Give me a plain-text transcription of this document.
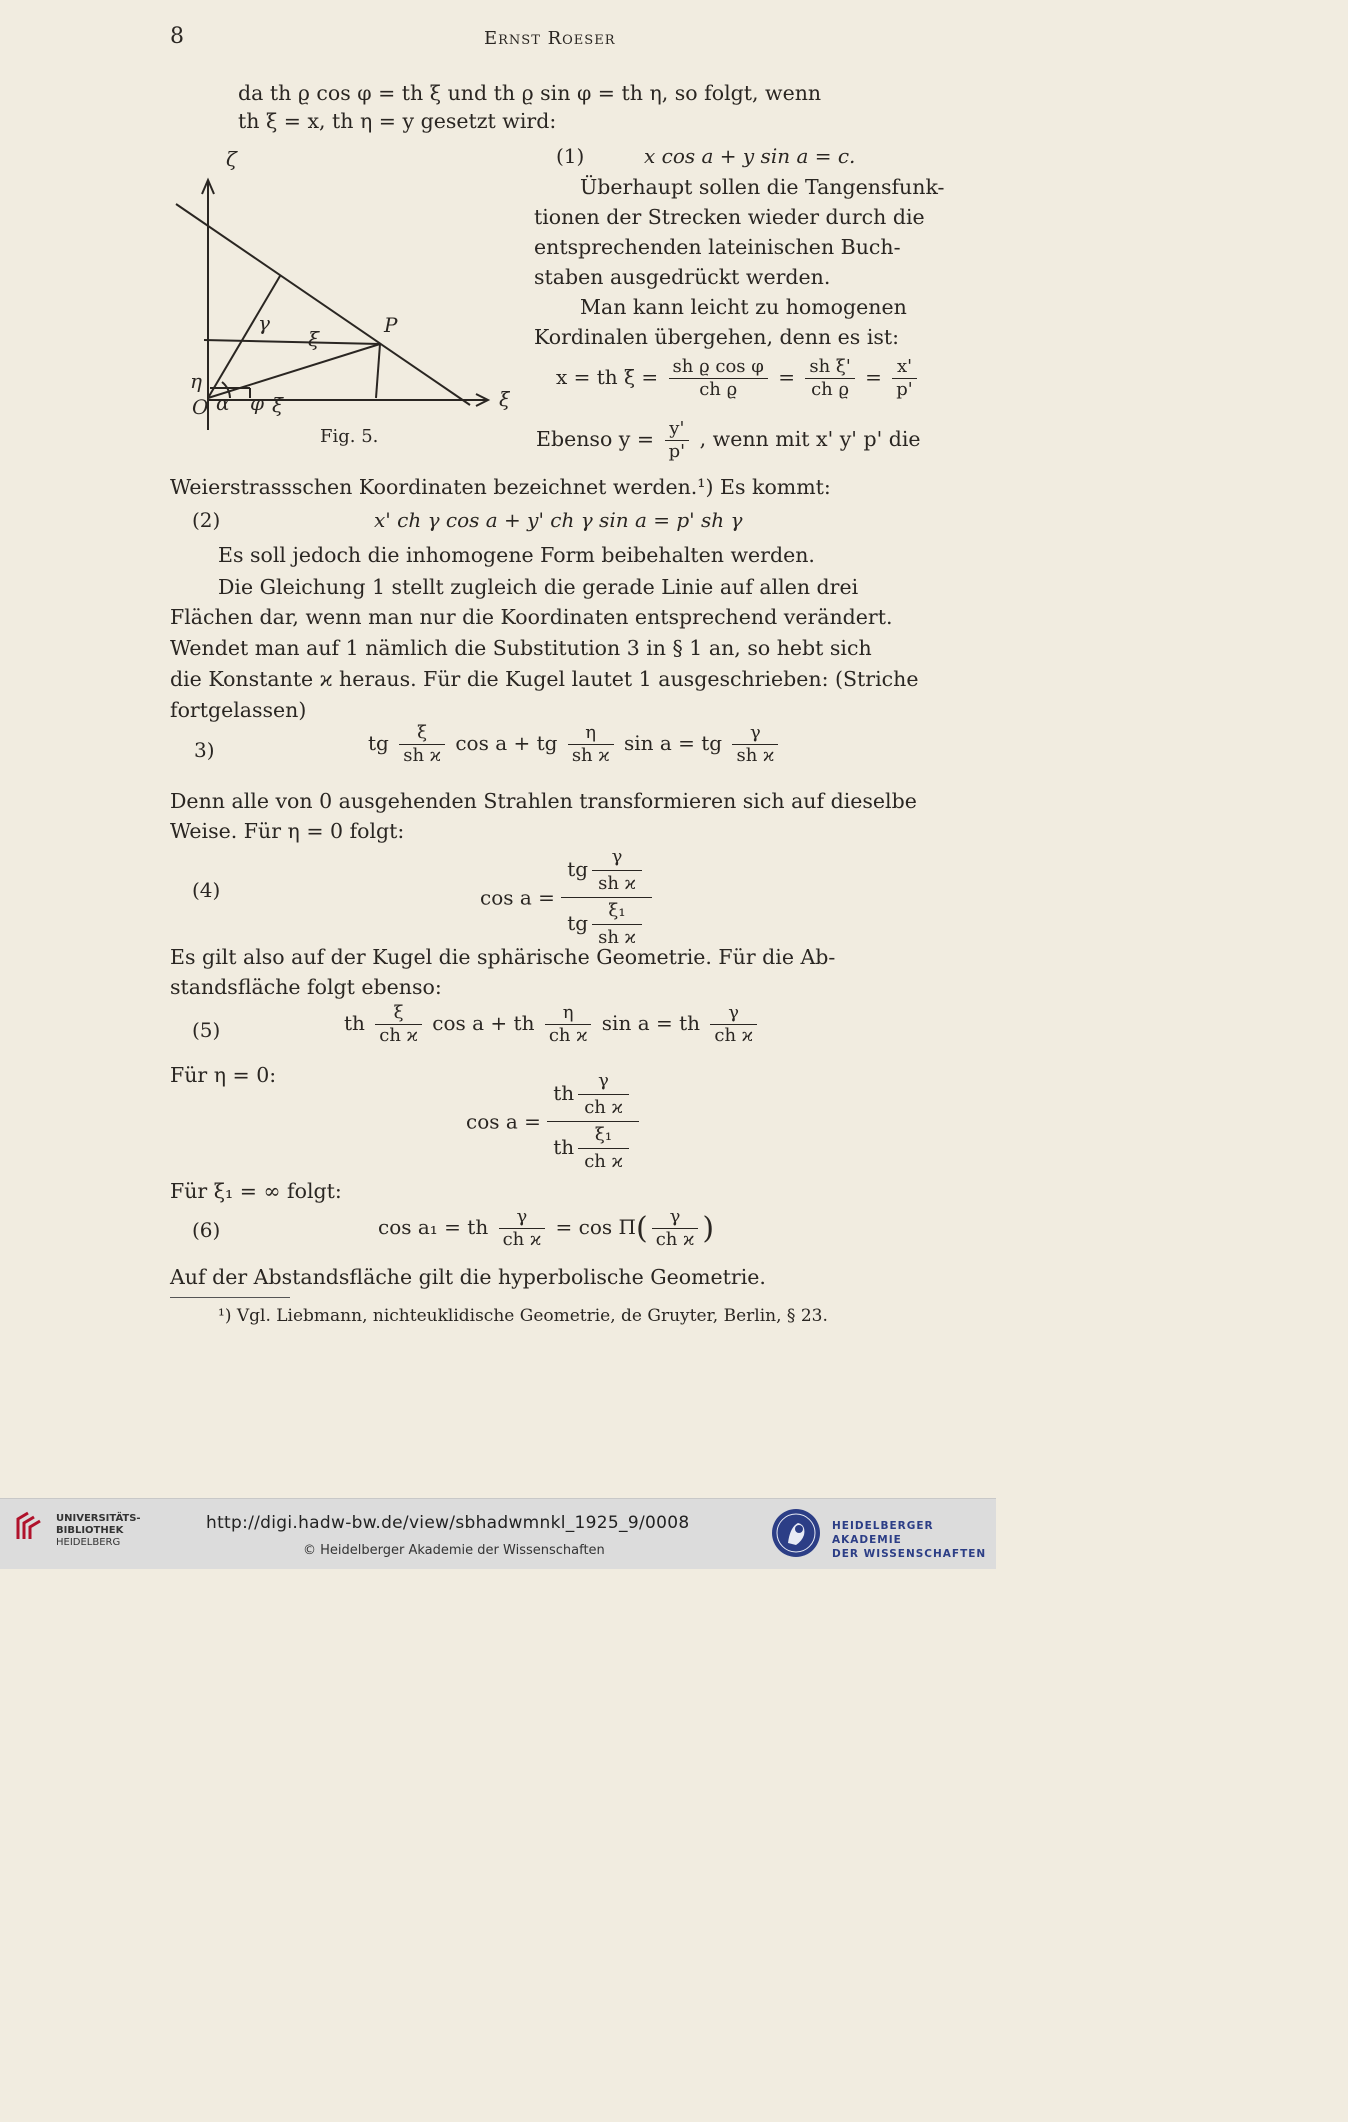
8	Ernst Roeser
da th ϱ cos φ = th ξ und th ϱ sin φ = th η, so folgt, wenn
th ξ = x, th η = y gesetzt wird:
ζ
γ
ξ
P
η
O α φ ξ	ξ
Fig. 5.
(1)	x cos a + y sin a = c.
Überhaupt sollen die Tangensfunk-
tionen der Strecken wieder durch die
entsprechenden lateinischen Buch-
staben ausgedrückt werden.
Man kann leicht zu homogenen
Kordinalen übergehen, denn es ist:
x = th $\xi = \frac{\text{sh ϱ cos φ}}{\text{ch ϱ}} = \frac{\text{sh ξ'}}{\text{ch ϱ}} = \frac{x'}{p'}$
Ebenso $y = \frac{y'}{p'}$ , wenn mit x' y' p' die
Weierstrassschen Koordinaten bezeichnet werden.¹) Es kommt:
(2)	x' ch γ cos a + y' ch γ sin a = p' sh γ
Es soll jedoch die inhomogene Form beibehalten werden.
Die Gleichung 1 stellt zugleich die gerade Linie auf allen drei
Flächen dar, wenn man nur die Koordinaten entsprechend verändert.
Wendet man auf 1 nämlich die Substitution 3 in § 1 an, so hebt sich
die Konstante ϰ heraus. Für die Kugel lautet 1 ausgeschrieben: (Striche
fortgelassen)
3)	tg $\frac{\xi}{\text{sh ϰ}}$ cos a + tg $\frac{\eta}{\text{sh ϰ}}$ sin a = tg $\frac{\gamma}{\text{sh ϰ}}$
Denn alle von 0 ausgehenden Strahlen transformieren sich auf dieselbe
Weise. Für η = 0 folgt:
(4)	$\cos a = \frac{tg \frac{\gamma}{\text{sh ϰ}}}{tg \frac{\text{ξ₁}}{\text{sh ϰ}}}$
Es gilt also auf der Kugel die sphärische Geometrie. Für die Ab-
standsfläche folgt ebenso:
(5)	th $\frac{\xi}{\text{ch ϰ}}$ cos a + th $\frac{\eta}{\text{ch ϰ}}$ sin a = th $\frac{\gamma}{\text{ch ϰ}}$
Für η = 0:
$\cos a = \frac{th \frac{\gamma}{\text{ch ϰ}}}{th \frac{\text{ξ₁}}{\text{ch ϰ}}}$
Für ξ₁ = ∞ folgt:
(6)	cos a₁ = th $\frac{\gamma}{\text{ch ϰ}} = \cos \Pi( \frac{\gamma}{\text{ch ϰ}}$ )
Auf der Abstandsfläche gilt die hyperbolische Geometrie.
¹) Vgl. Liebmann, nichteuklidische Geometrie, de Gruyter, Berlin, § 23.
UNIVERSITÄTS-
BIBLIOTHEK
HEIDELBERG
http://digi.hadw-bw.de/view/sbhadwmnkl_1925_9/0008
© Heidelberger Akademie der Wissenschaften
HEIDELBERGER AKADEMIE
DER WISSENSCHAFTEN
